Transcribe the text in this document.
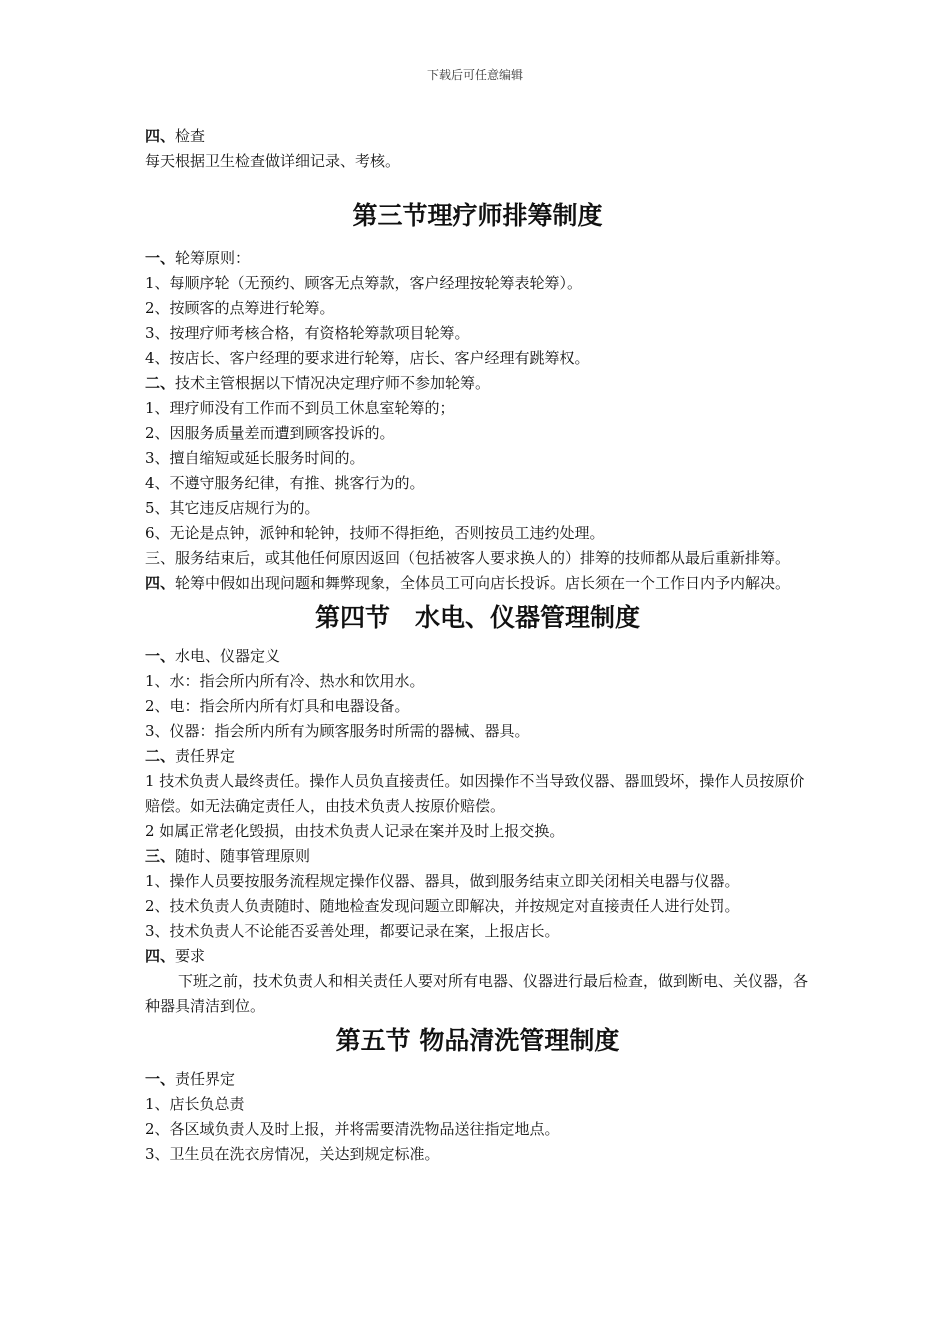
下载后可任意编辑

四、检查

每天根据卫生检查做详细记录、考核。

第三节理疗师排筹制度

一、轮筹原则：

1、每顺序轮（无预约、顾客无点筹款，客户经理按轮筹表轮筹）。

2、按顾客的点筹进行轮筹。

3、按理疗师考核合格，有资格轮筹款项目轮筹。

4、按店长、客户经理的要求进行轮筹，店长、客户经理有跳筹权。

二、技术主管根据以下情况决定理疗师不参加轮筹。

1、理疗师没有工作而不到员工休息室轮筹的；

2、因服务质量差而遭到顾客投诉的。

3、擅自缩短或延长服务时间的。

4、不遵守服务纪律，有推、挑客行为的。

5、其它违反店规行为的。

6、无论是点钟，派钟和轮钟，技师不得拒绝，否则按员工违约处理。

三、服务结束后，或其他任何原因返回（包括被客人要求换人的）排筹的技师都从最后重新排筹。

四、轮筹中假如出现问题和舞弊现象，全体员工可向店长投诉。店长须在一个工作日内予内解决。

第四节　水电、仪器管理制度

一、水电、仪器定义

1、水：指会所内所有冷、热水和饮用水。

2、电：指会所内所有灯具和电器设备。

3、仪器：指会所内所有为顾客服务时所需的器械、器具。

二、责任界定

1 技术负责人最终责任。操作人员负直接责任。如因操作不当导致仪器、器皿毁坏，操作人员按原价赔偿。如无法确定责任人，由技术负责人按原价赔偿。

2 如属正常老化毁损，由技术负责人记录在案并及时上报交换。

三、随时、随事管理原则

1、操作人员要按服务流程规定操作仪器、器具，做到服务结束立即关闭相关电器与仪器。

2、技术负责人负责随时、随地检查发现问题立即解决，并按规定对直接责任人进行处罚。

3、技术负责人不论能否妥善处理，都要记录在案，上报店长。

四、要求

下班之前，技术负责人和相关责任人要对所有电器、仪器进行最后检查，做到断电、关仪器，各种器具清洁到位。

第五节 物品清洗管理制度

一、责任界定

1、店长负总责

2、各区域负责人及时上报，并将需要清洗物品送往指定地点。

3、卫生员在洗衣房情况，关达到规定标准。
